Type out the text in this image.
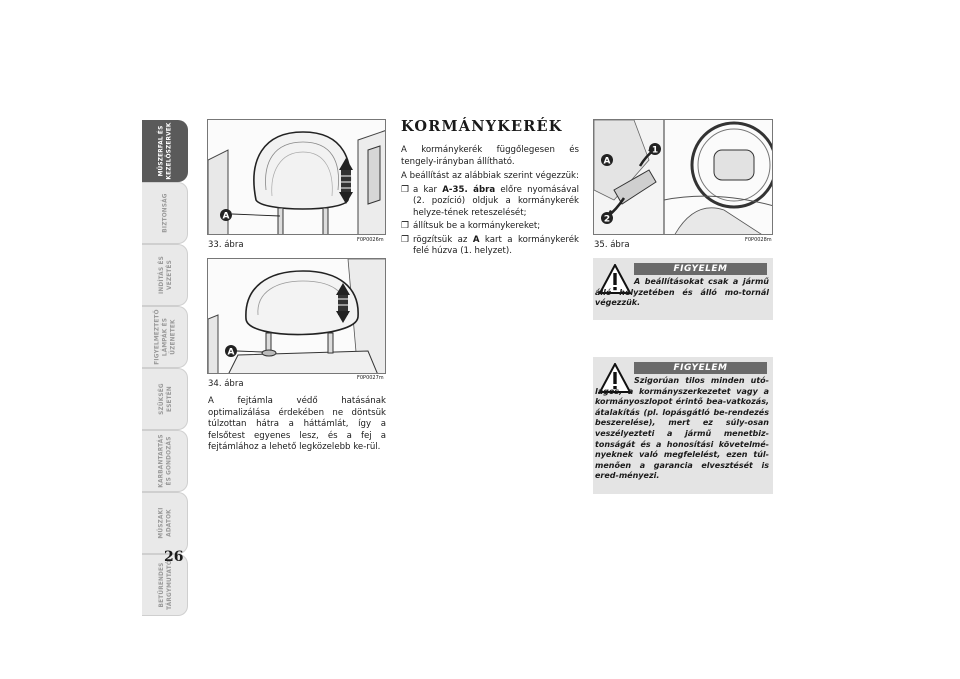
MŰSZERFAL ÉS
KEZELŐSZERVEK
BIZTONSÁG
INDÍTÁS ÉS
VEZETÉS
FIGYELMEZTETŐ
LÁMPÁK ÉS
ÜZENETEK
SZÜKSÉG
ESETÉN
KARBANTARTÁS
ÉS GONDOZÁS
MŰSZAKI
ADATOK
BETŰRENDES
TÁRGYMUTATÓ
26
A
33. ábra	F0P0026m
A
34. ábra
F0P0027m
A fejtámla védő hatásának optimalizálása érdekében ne döntsük túlzottan hátra a háttámlát, így a felsőtest egyenes lesz, és a fej a fejtámlához a lehető legközelebb ke-rül.
KORMÁNYKERÉK

A kormánykerék függőlegesen és tengely-irányban állítható.

A beállítást az alábbiak szerint végezzük:

❐ a kar A-35. ábra előre nyomásával (2. pozíció) oldjuk a kormánykerék helyze-tének reteszelését;
❐ állítsuk be a kormánykereket;
❐ rögzítsük az A kart a kormánykerék felé húzva (1. helyzet).
A
1
2
35. ábra	F0P0028m
FIGYELEM
A beállításokat csak a jármű álló helyzetében és álló mo-tornál végezzük.
FIGYELEM
Szigorúan tilos minden utó-lagos, a kormányszerkezetet vagy a kormányoszlopot érintő bea-vatkozás, átalakítás (pl. lopásgátló be-rendezés beszerelése), mert ez súly-osan veszélyezteti a jármű menetbiz-tonságát és a honosítási követelmé-nyeknek való megfelelést, ezen túl-menően a garancia elvesztését is ered-ményezi.
